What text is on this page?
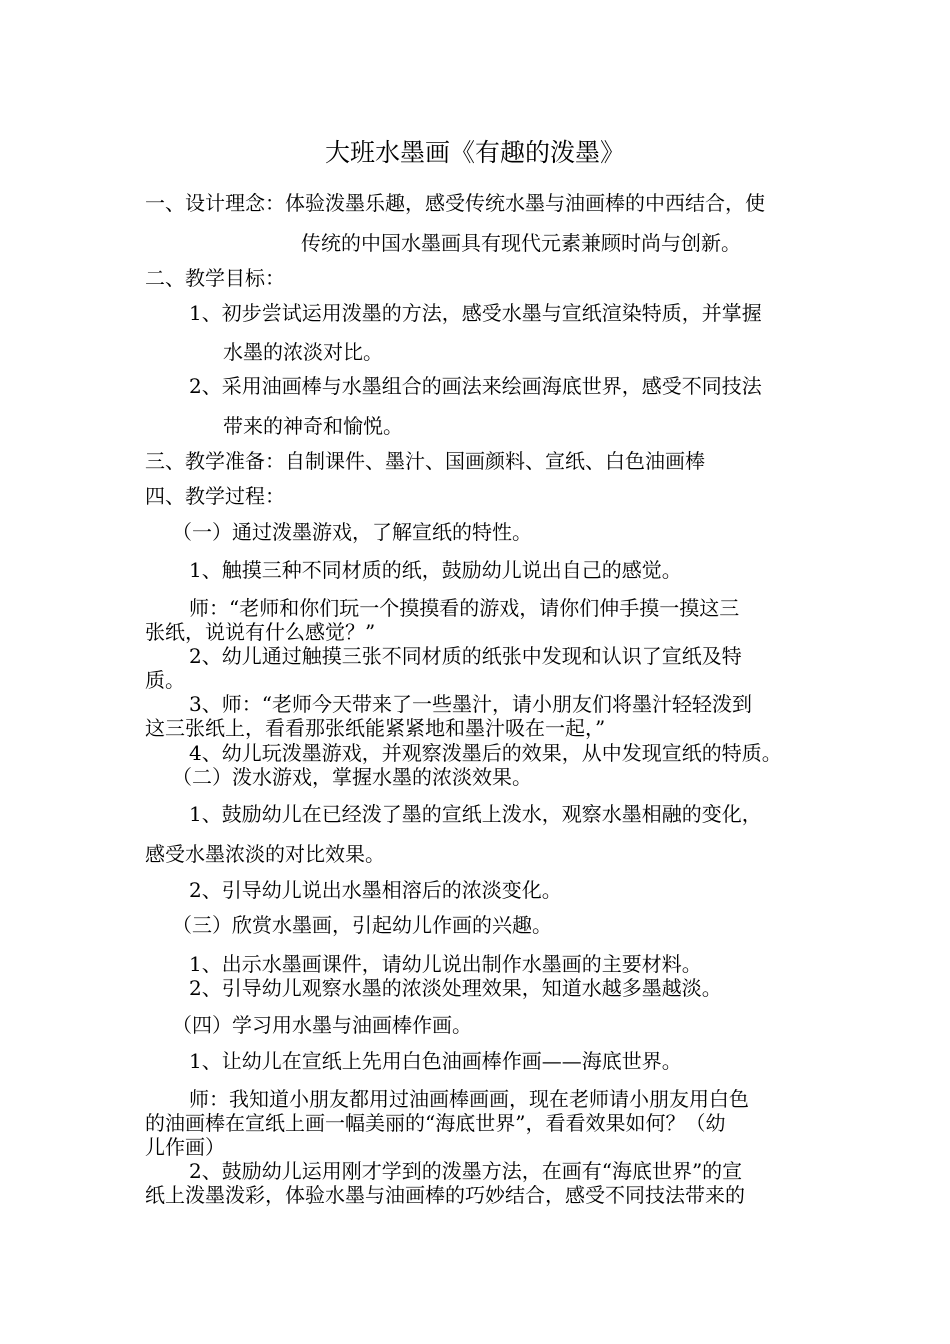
大班水墨画《有趣的泼墨》
一、设计理念：体验泼墨乐趣，感受传统水墨与油画棒的中西结合，使
传统的中国水墨画具有现代元素兼顾时尚与创新。
二、教学目标：
1、初步尝试运用泼墨的方法，感受水墨与宣纸渲染特质，并掌握
水墨的浓淡对比。
2、采用油画棒与水墨组合的画法来绘画海底世界，感受不同技法
带来的神奇和愉悦。
三、教学准备：自制课件、墨汁、国画颜料、宣纸、白色油画棒
四、教学过程：
（一）通过泼墨游戏，了解宣纸的特性。
1、触摸三种不同材质的纸，鼓励幼儿说出自己的感觉。
师：“老师和你们玩一个摸摸看的游戏，请你们伸手摸一摸这三
张纸，说说有什么感觉？”
2、幼儿通过触摸三张不同材质的纸张中发现和认识了宣纸及特
质。
3、师：“老师今天带来了一些墨汁，请小朋友们将墨汁轻轻泼到
这三张纸上，看看那张纸能紧紧地和墨汁吸在一起，”
4、幼儿玩泼墨游戏，并观察泼墨后的效果，从中发现宣纸的特质。
（二）泼水游戏，掌握水墨的浓淡效果。
1、鼓励幼儿在已经泼了墨的宣纸上泼水，观察水墨相融的变化，
感受水墨浓淡的对比效果。
2、引导幼儿说出水墨相溶后的浓淡变化。
（三）欣赏水墨画，引起幼儿作画的兴趣。
1、出示水墨画课件，请幼儿说出制作水墨画的主要材料。
2、引导幼儿观察水墨的浓淡处理效果，知道水越多墨越淡。
（四）学习用水墨与油画棒作画。
1、让幼儿在宣纸上先用白色油画棒作画——海底世界。
师：我知道小朋友都用过油画棒画画，现在老师请小朋友用白色
的油画棒在宣纸上画一幅美丽的“海底世界”，看看效果如何？（幼
儿作画）
2、鼓励幼儿运用刚才学到的泼墨方法，在画有“海底世界”的宣
纸上泼墨泼彩，体验水墨与油画棒的巧妙结合，感受不同技法带来的
